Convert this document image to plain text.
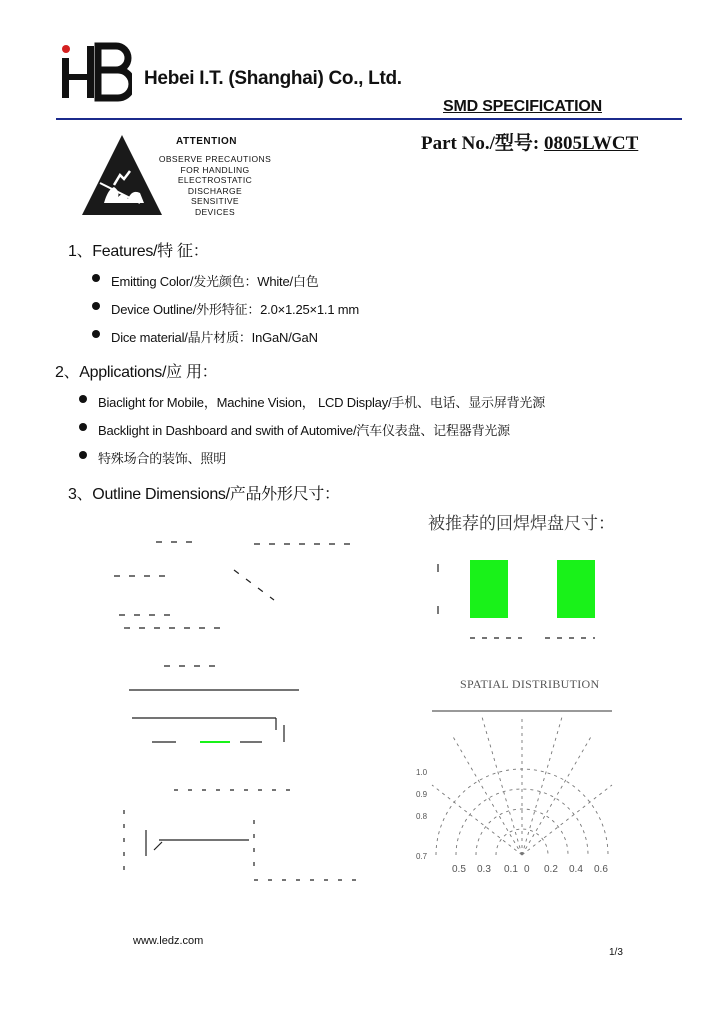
Hebei I.T. (Shanghai) Co., Ltd.
SMD SPECIFICATION
Part No./型号: 0805LWCT
ATTENTION
OBSERVE PRECAUTIONS
FOR HANDLING
ELECTROSTATIC
DISCHARGE
SENSITIVE
DEVICES
1、Features/特 征：
Emitting Color/发光颜色：White/白色
Device Outline/外形特征：2.0×1.25×1.1 mm
Dice material/晶片材质：InGaN/GaN
2、Applications/应 用：
Biaclight for Mobile，Machine Vision， LCD Display/手机、电话、显示屏背光源
Backlight in Dashboard and swith of Automive/汽车仪表盘、记程器背光源
特殊场合的装饰、照明
3、Outline Dimensions/产品外形尺寸：
被推荐的回焊焊盘尺寸：
SPATIAL DISTRIBUTION
1.0
0.9
0.8
0.7
0.5 0.3 0.1 0 0.2 0.4 0.6
www.ledz.com
1/3
